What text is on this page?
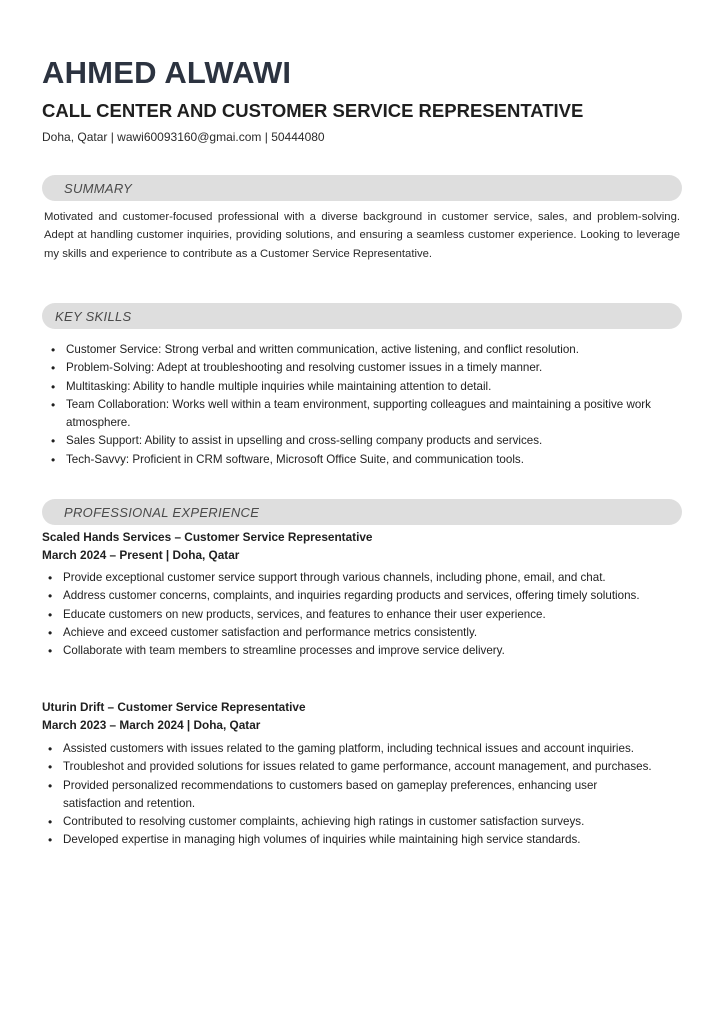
AHMED ALWAWI
CALL CENTER AND CUSTOMER SERVICE REPRESENTATIVE
Doha, Qatar | wawi60093160@gmai.com | 50444080
SUMMARY

Motivated and customer-focused professional with a diverse background in customer service, sales, and problem-solving. Adept at handling customer inquiries, providing solutions, and ensuring a seamless customer experience. Looking to leverage my skills and experience to contribute as a Customer Service Representative.

KEY SKILLS
• Customer Service: Strong verbal and written communication, active listening, and conflict resolution.
• Problem-Solving: Adept at troubleshooting and resolving customer issues in a timely manner.
• Multitasking: Ability to handle multiple inquiries while maintaining attention to detail.
• Team Collaboration: Works well within a team environment, supporting colleagues and maintaining a positive work atmosphere.
• Sales Support: Ability to assist in upselling and cross-selling company products and services.
• Tech-Savvy: Proficient in CRM software, Microsoft Office Suite, and communication tools.
PROFESSIONAL EXPERIENCE
Scaled Hands Services – Customer Service Representative
March 2024 – Present | Doha, Qatar
• Provide exceptional customer service support through various channels, including phone, email, and chat.
• Address customer concerns, complaints, and inquiries regarding products and services, offering timely solutions.
• Educate customers on new products, services, and features to enhance their user experience.
• Achieve and exceed customer satisfaction and performance metrics consistently.
• Collaborate with team members to streamline processes and improve service delivery.
Uturin Drift – Customer Service Representative
March 2023 – March 2024 | Doha, Qatar
• Assisted customers with issues related to the gaming platform, including technical issues and account inquiries.
• Troubleshot and provided solutions for issues related to game performance, account management, and purchases.
• Provided personalized recommendations to customers based on gameplay preferences, enhancing user satisfaction and retention.
• Contributed to resolving customer complaints, achieving high ratings in customer satisfaction surveys.
• Developed expertise in managing high volumes of inquiries while maintaining high service standards.
